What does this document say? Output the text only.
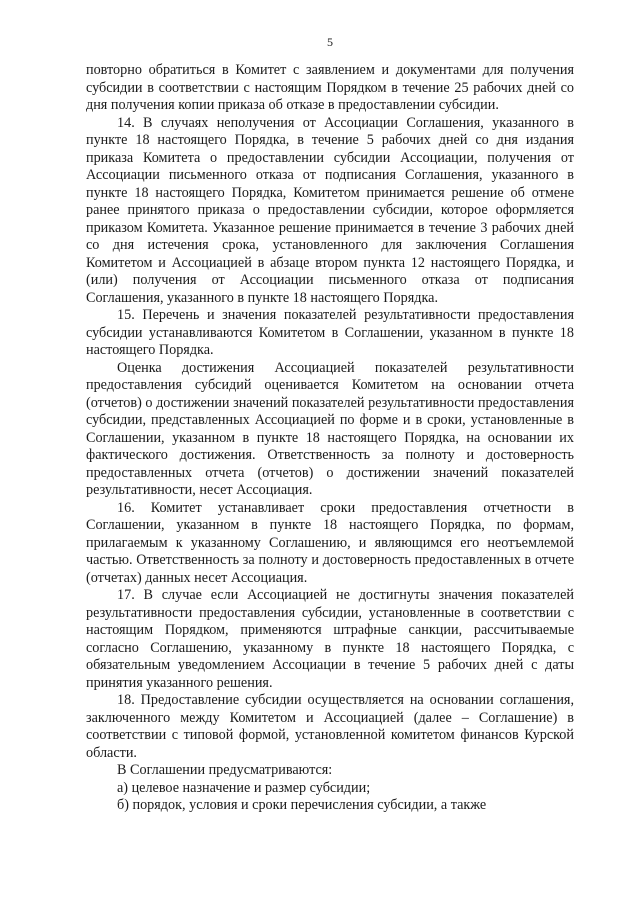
5

повторно обратиться в Комитет с заявлением и документами для получения субсидии в соответствии с настоящим Порядком в течение 25 рабочих дней со дня получения копии приказа об отказе в предоставлении субсидии.

14. В случаях неполучения от Ассоциации Соглашения, указанного в пункте 18 настоящего Порядка, в течение 5 рабочих дней со дня издания приказа Комитета о предоставлении субсидии Ассоциации, получения от Ассоциации письменного отказа от подписания Соглашения, указанного в пункте 18 настоящего Порядка, Комитетом принимается решение об отмене ранее принятого приказа о предоставлении субсидии, которое оформляется приказом Комитета. Указанное решение принимается в течение 3 рабочих дней со дня истечения срока, установленного для заключения Соглашения Комитетом и Ассоциацией в абзаце втором пункта 12 настоящего Порядка, и (или) получения от Ассоциации письменного отказа от подписания Соглашения, указанного в пункте 18 настоящего Порядка.

15. Перечень и значения показателей результативности предоставления субсидии устанавливаются Комитетом в Соглашении, указанном в пункте 18 настоящего Порядка.

Оценка достижения Ассоциацией показателей результативности предоставления субсидий оценивается Комитетом на основании отчета (отчетов) о достижении значений показателей результативности предоставления субсидии, представленных Ассоциацией по форме и в сроки, установленные в Соглашении, указанном в пункте 18 настоящего Порядка, на основании их фактического достижения. Ответственность за полноту и достоверность предоставленных отчета (отчетов) о достижении значений показателей результативности, несет Ассоциация.

16. Комитет устанавливает сроки предоставления отчетности в Соглашении, указанном в пункте 18 настоящего Порядка, по формам, прилагаемым к указанному Соглашению, и являющимся его неотъемлемой частью. Ответственность за полноту и достоверность предоставленных в отчете (отчетах) данных несет Ассоциация.

17. В случае если Ассоциацией не достигнуты значения показателей результативности предоставления субсидии, установленные в соответствии с настоящим Порядком, применяются штрафные санкции, рассчитываемые согласно Соглашению, указанному в пункте 18 настоящего Порядка, с обязательным уведомлением Ассоциации в течение 5 рабочих дней с даты принятия указанного решения.

18. Предоставление субсидии осуществляется на основании соглашения, заключенного между Комитетом и Ассоциацией (далее – Соглашение) в соответствии с типовой формой, установленной комитетом финансов Курской области.

В Соглашении предусматриваются:

а) целевое назначение и размер субсидии;

б) порядок, условия и сроки перечисления субсидии, а также
